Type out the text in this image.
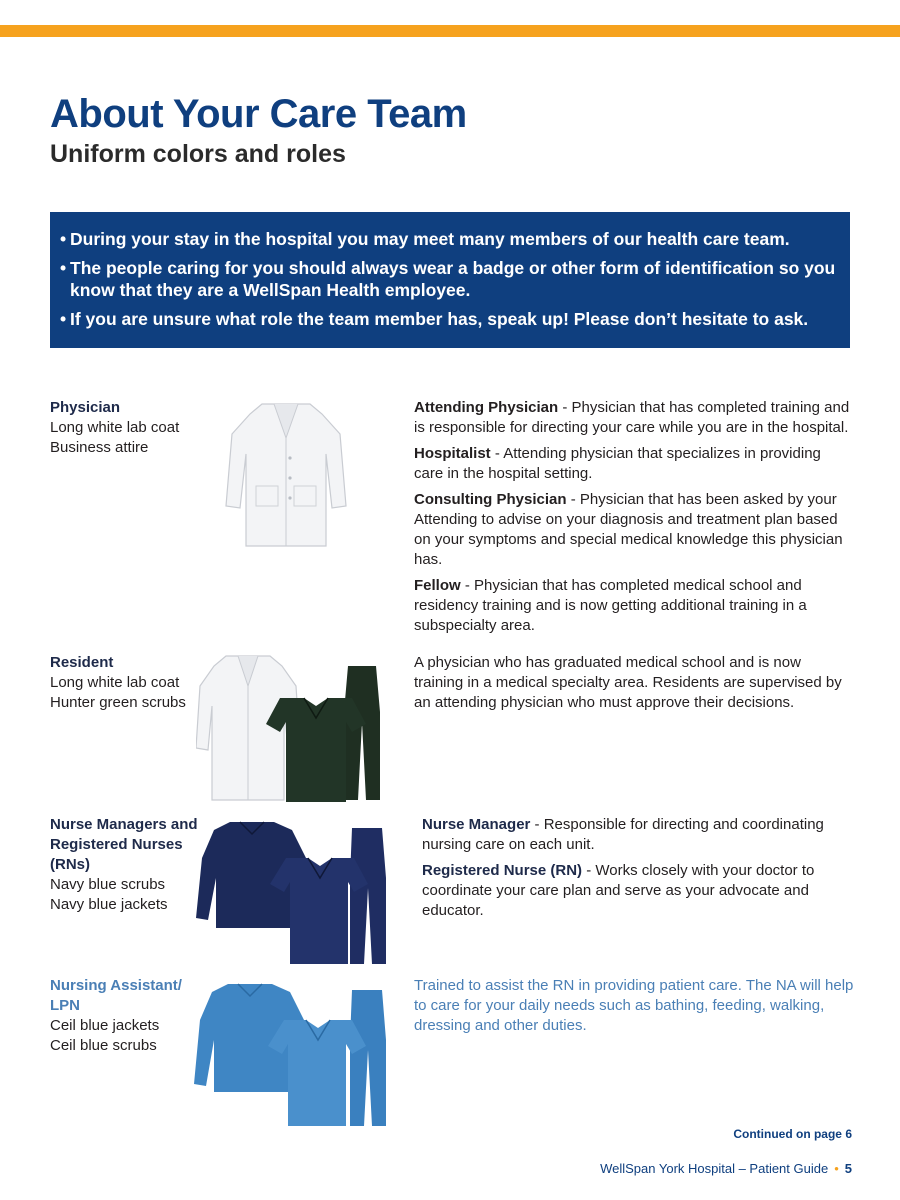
About Your Care Team
Uniform colors and roles
• During your stay in the hospital you may meet many members of our health care team.
• The people caring for you should always wear a badge or other form of identification so you know that they are a WellSpan Health employee.
• If you are unsure what role the team member has, speak up! Please don’t hesitate to ask.
Physician
Long white lab coat
Business attire

Attending Physician - Physician that has completed training and is responsible for directing your care while you are in the hospital.

Hospitalist - Attending physician that specializes in providing care in the hospital setting.

Consulting Physician - Physician that has been asked by your Attending to advise on your diagnosis and treatment plan based on your symptoms and special medical knowledge this physician has.

Fellow - Physician that has completed medical school and residency training and is now getting additional training in a subspecialty area.

Resident
Long white lab coat
Hunter green scrubs

A physician who has graduated medical school and is now training in a medical specialty area. Residents are supervised by an attending physician who must approve their decisions.

Nurse Managers and
Registered Nurses
(RNs)
Navy blue scrubs
Navy blue jackets

Nurse Manager - Responsible for directing and coordinating nursing care on each unit.

Registered Nurse (RN) - Works closely with your doctor to coordinate your care plan and serve as your advocate and educator.

Nursing Assistant/
LPN
Ceil blue jackets
Ceil blue scrubs

Trained to assist the RN in providing patient care. The NA will help to care for your daily needs such as bathing, feeding, walking, dressing and other duties.

Continued on page 6
WellSpan York Hospital – Patient Guide • 5
